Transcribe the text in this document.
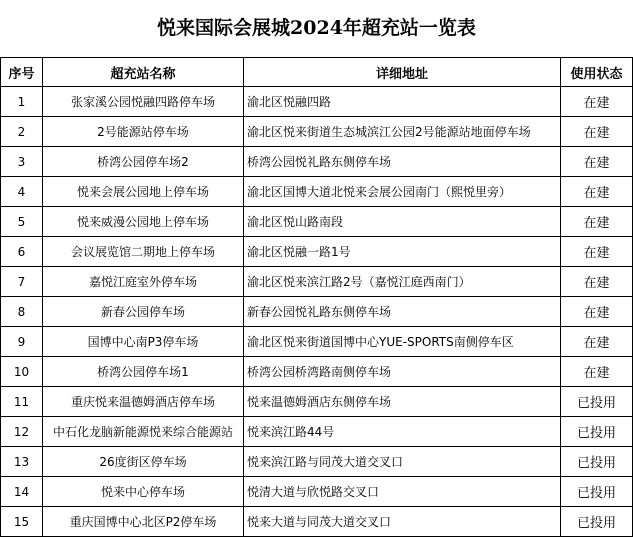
悦来国际会展城2024年超充站一览表
序号	超充站名称	详细地址	使用状态
1	张家溪公园悦融四路停车场	渝北区悦融四路	在建
2	2号能源站停车场	渝北区悦来街道生态城滨江公园2号能源站地面停车场	在建
3	桥湾公园停车场2	桥湾公园悦礼路东侧停车场	在建
4	悦来会展公园地上停车场	渝北区国博大道北悦来会展公园南门（熙悦里旁）	在建
5	悦来威漫公园地上停车场	渝北区悦山路南段	在建
6	会议展览馆二期地上停车场	渝北区悦融一路1号	在建
7	嘉悦江庭室外停车场	渝北区悦来滨江路2号（嘉悦江庭西南门）	在建
8	新春公园停车场	新春公园悦礼路东侧停车场	在建
9	国博中心南P3停车场	渝北区悦来街道国博中心YUE-SPORTS南侧停车区	在建
10	桥湾公园停车场1	桥湾公园桥湾路南侧停车场	在建
11	重庆悦来温德姆酒店停车场	悦来温德姆酒店东侧停车场	已投用
12	中石化龙脑新能源悦来综合能源站	悦来滨江路44号	已投用
13	26度街区停车场	悦来滨江路与同茂大道交叉口	已投用
14	悦来中心停车场	悦清大道与欣悦路交叉口	已投用
15	重庆国博中心北区P2停车场	悦来大道与同茂大道交叉口	已投用
